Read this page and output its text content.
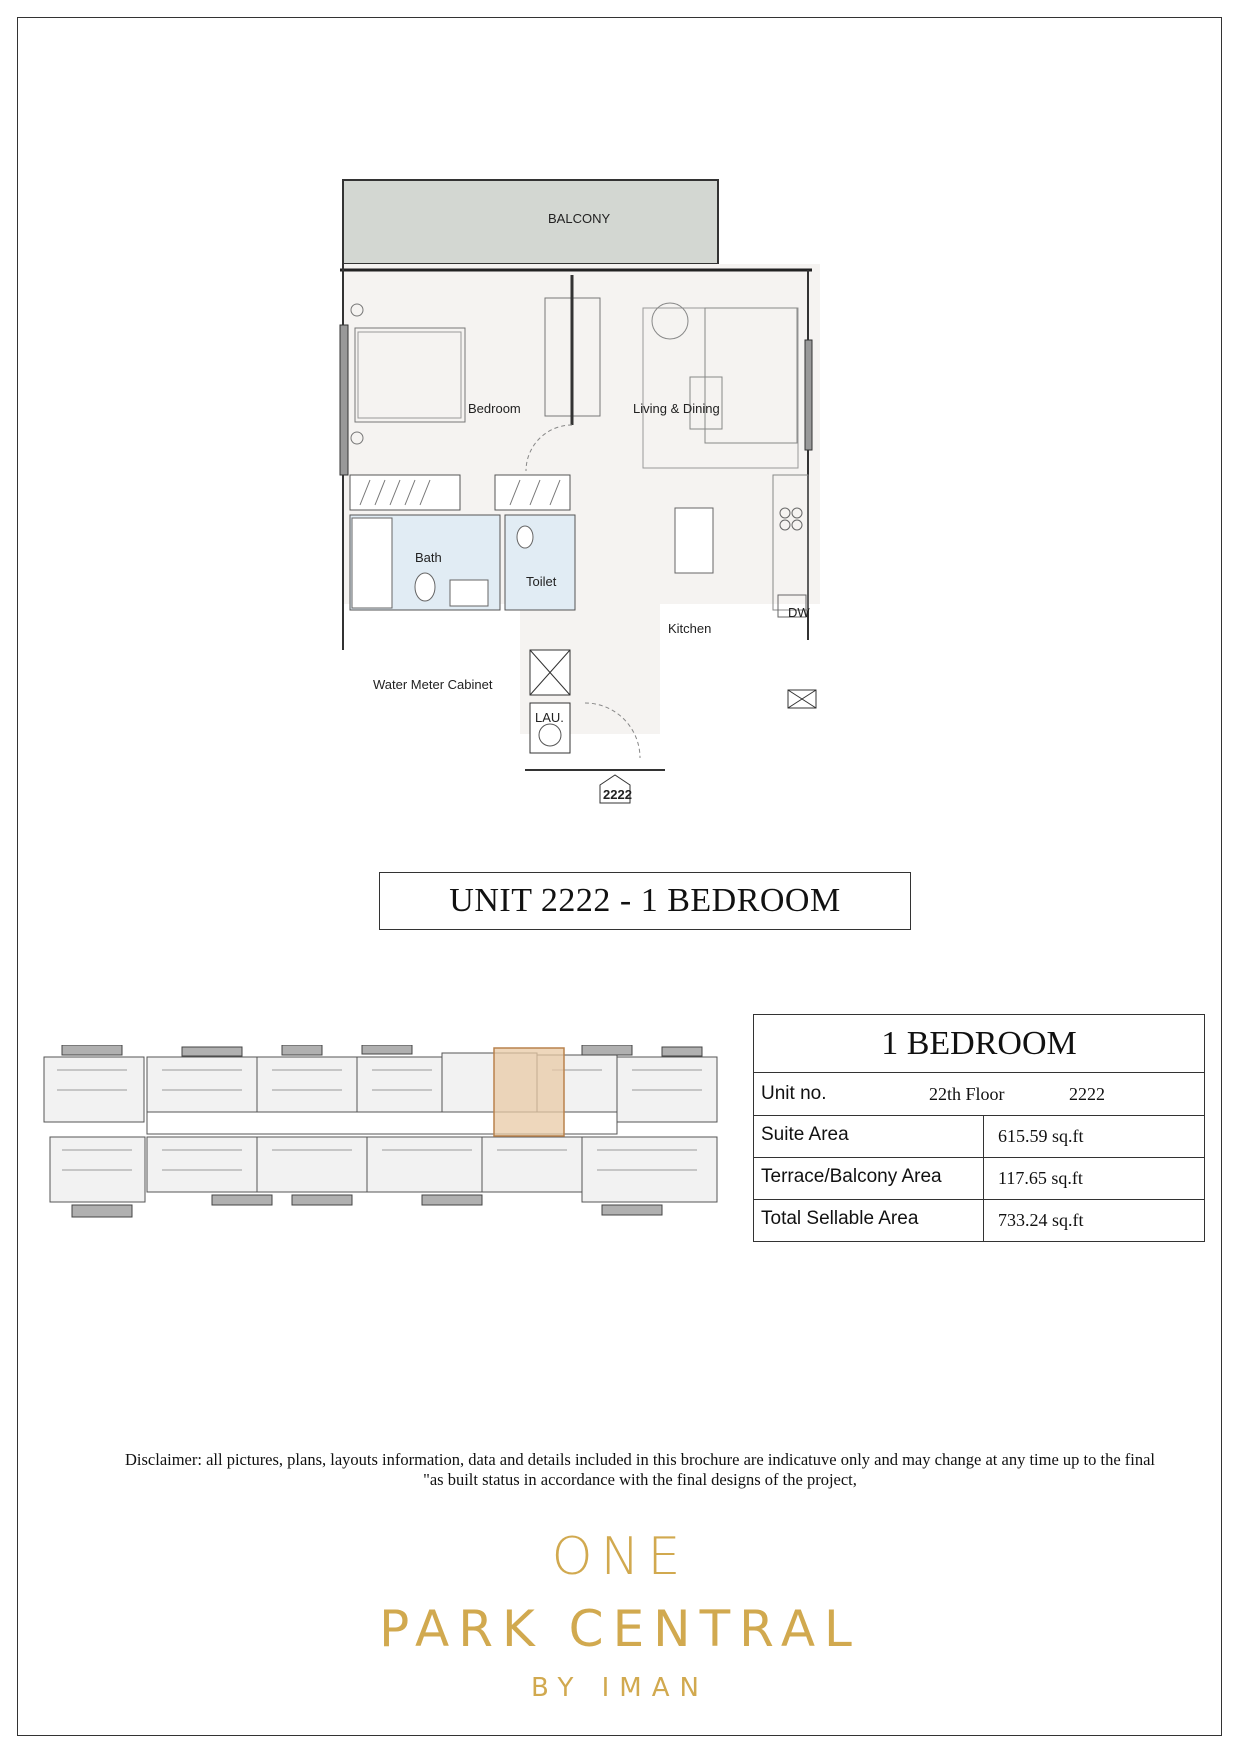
BALCONY
Bedroom	Living & Dining
Bath
Toilet
Kitchen
Water Meter Cabinet
LAU.
DW
2222
UNIT 2222 - 1 BEDROOM
1 BEDROOM	

Unit no. 22th Floor 2222	

Suite Area	615.59 sq.ft
Terrace/Balcony Area	117.65 sq.ft
Total Sellable Area	733.24 sq.ft
Disclaimer: all pictures, plans, layouts information, data and details included in this brochure are indicatuve only and may change at any time up to the final
"as built status in accordance with the final designs of the project,
ONE
PARK CENTRAL
BY IMAN
